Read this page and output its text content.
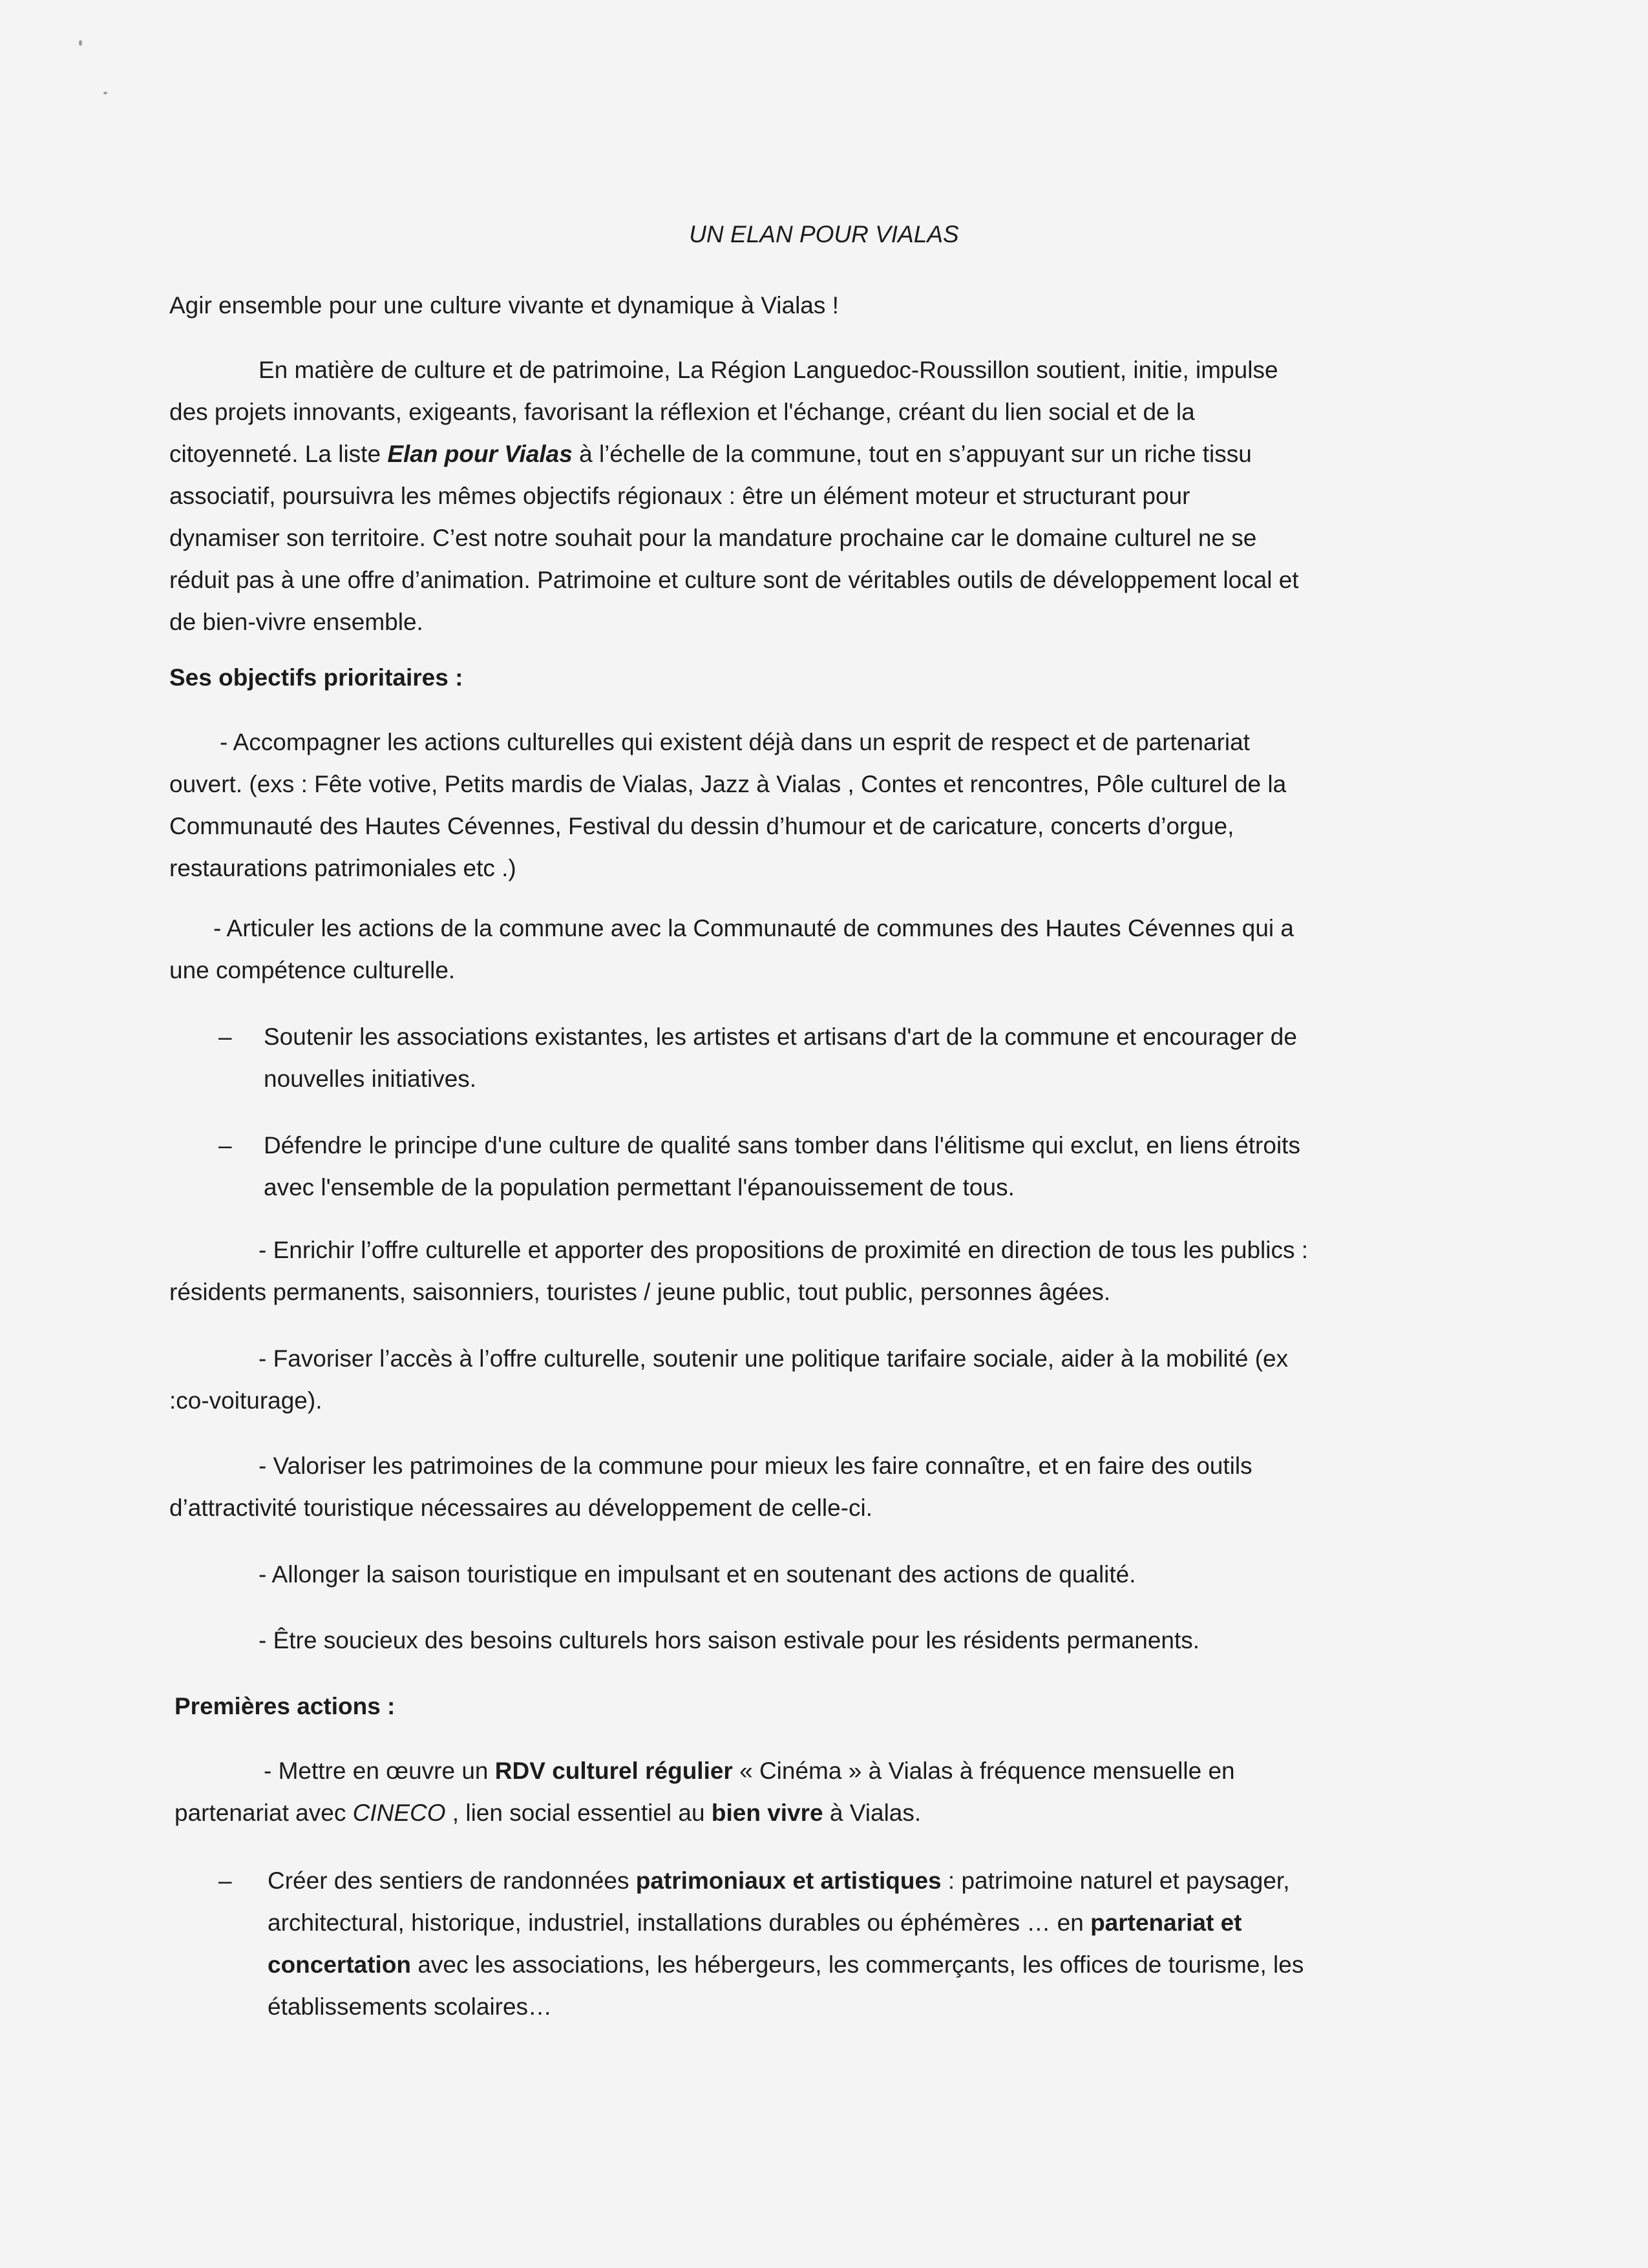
UN ELAN POUR VIALAS

Agir ensemble pour une culture vivante et dynamique à Vialas !

En matière de culture et de patrimoine, La Région Languedoc-Roussillon soutient, initie, impulse des projets innovants, exigeants, favorisant la réflexion et l'échange, créant du lien social et de la citoyenneté. La liste Elan pour Vialas à l’échelle de la commune, tout en s’appuyant sur un riche tissu associatif, poursuivra les mêmes objectifs régionaux : être un élément moteur et structurant pour dynamiser son territoire. C’est notre souhait pour la mandature prochaine car le domaine culturel ne se réduit pas à une offre d’animation. Patrimoine et culture sont de véritables outils de développement local et de bien-vivre ensemble.

Ses objectifs prioritaires :

- Accompagner les actions culturelles qui existent déjà dans un esprit de respect et de partenariat ouvert. (exs : Fête votive, Petits mardis de Vialas, Jazz à Vialas , Contes et rencontres, Pôle culturel de la Communauté des Hautes Cévennes, Festival du dessin d’humour et de caricature, concerts d’orgue, restaurations patrimoniales etc .)

- Articuler les actions de la commune avec la Communauté de communes des Hautes Cévennes qui a une compétence culturelle.

– Soutenir les associations existantes, les artistes et artisans d'art de la commune et encourager de nouvelles initiatives.

– Défendre le principe d'une culture de qualité sans tomber dans l'élitisme qui exclut, en liens étroits avec l'ensemble de la population permettant l'épanouissement de tous.

- Enrichir l’offre culturelle et apporter des propositions de proximité en direction de tous les publics : résidents permanents, saisonniers, touristes / jeune public, tout public, personnes âgées.

- Favoriser l’accès à l’offre culturelle, soutenir une politique tarifaire sociale, aider à la mobilité (ex :co-voiturage).

- Valoriser les patrimoines de la commune pour mieux les faire connaître, et en faire des outils d’attractivité touristique nécessaires au développement de celle-ci.

- Allonger la saison touristique en impulsant et en soutenant des actions de qualité.

- Être soucieux des besoins culturels hors saison estivale pour les résidents permanents.

Premières actions :

- Mettre en œuvre un RDV culturel régulier « Cinéma » à Vialas à fréquence mensuelle en partenariat avec CINECO , lien social essentiel au bien vivre à Vialas.

– Créer des sentiers de randonnées patrimoniaux et artistiques : patrimoine naturel et paysager, architectural, historique, industriel, installations durables ou éphémères … en partenariat et concertation avec les associations, les hébergeurs, les commerçants, les offices de tourisme, les établissements scolaires…
